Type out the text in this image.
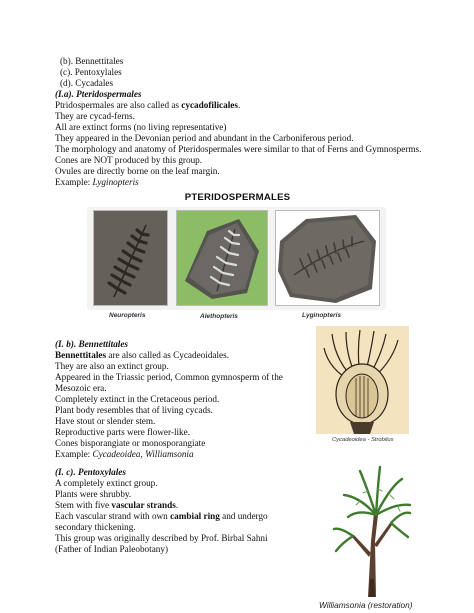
(b). Bennettitales
(c). Pentoxylales
(d). Cycadales
(I.a). Pteridospermales
Ptridospermales are also called as cycadofilicales.
They are cycad-ferns.
All are extinct forms (no living representative)
They appeared in the Devonian period and abundant in the Carboniferous period.
The morphology and anatomy of Pteridospermales were similar to that of Ferns and Gymnosperms.
Cones are NOT produced by this group.
Ovules are directly borne on the leaf margin.
Example: Lyginopteris
PTERIDOSPERMALES
Neuropteris	Alethopteris	Lyginopteris
(I. b). Bennettitales
Bennettitales are also called as Cycadeoidales.
They are also an extinct group.
Appeared in the Triassic period, Common gymnosperm of the
Mesozoic era.
Completely extinct in the Cretaceous period.
Plant body resembles that of living cycads.
Have stout or slender stem.
Reproductive parts were flower-like.
Cones bisporangiate or monosporangiate
Example: Cycadeoidea, Williamsonia
Cycadeoidea - Strobilus
(I. c). Pentoxylales
A completely extinct group.
Plants were shrubby.
Stem with five vascular strands.
Each vascular strand with own cambial ring and undergo
secondary thickening.
This group was originally described by Prof. Birbal Sahni
(Father of Indian Paleobotany)
Williamsonia (restoration)
